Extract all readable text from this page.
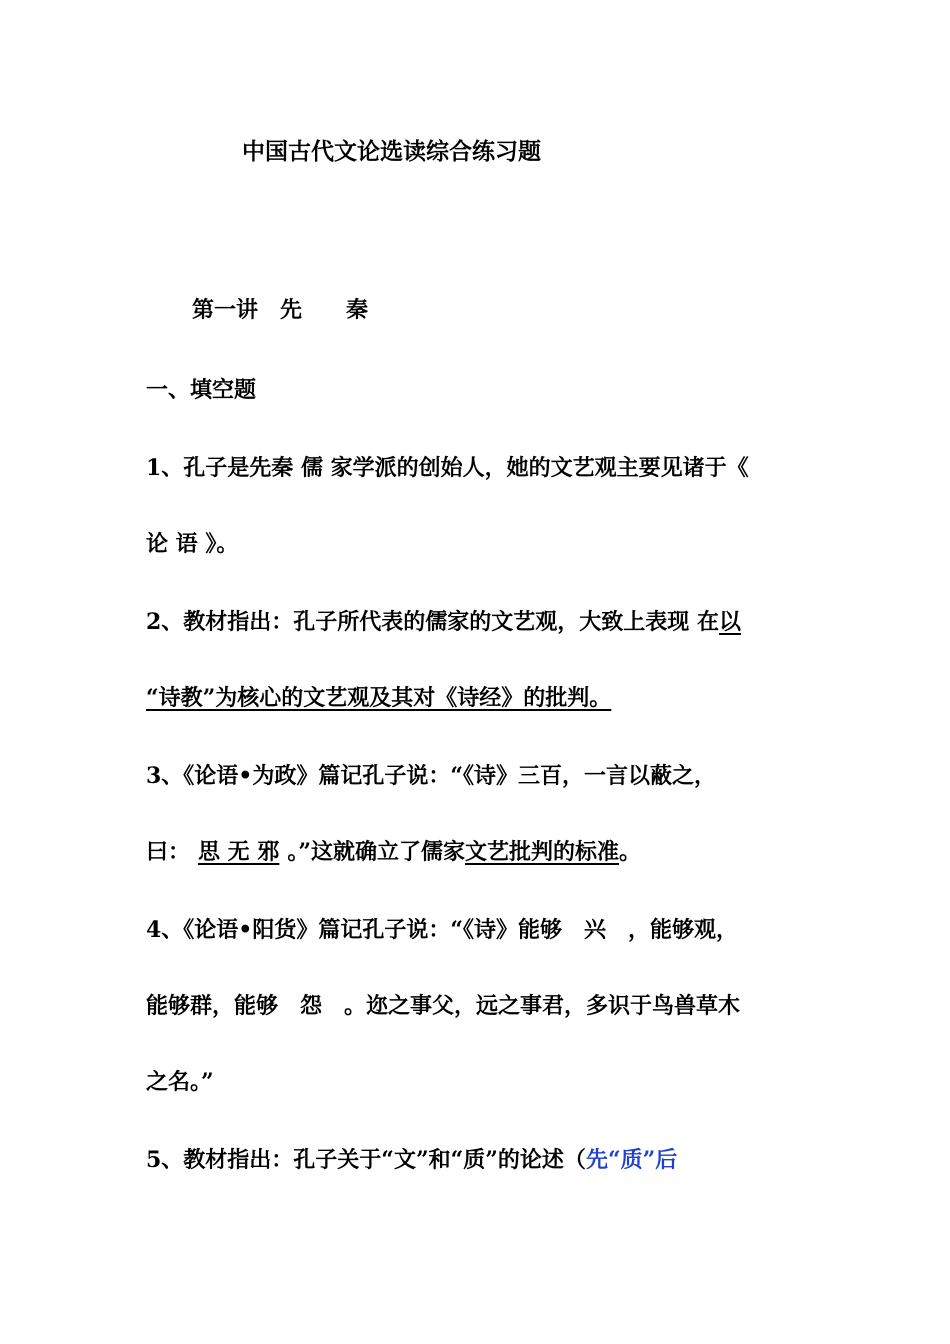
中国古代文论选读综合练习题
第一讲　先　　秦
一、填空题
1、孔子是先秦 儒 家学派的创始人，她的文艺观主要见诸于《
论 语 》。
2、教材指出：孔子所代表的儒家的文艺观，大致上表现 在以
“诗教”为核心的文艺观及其对《诗经》的批判。
3、《论语•为政》篇记孔子说：“《诗》三百，一言以蔽之，
曰： 思 无 邪 。”这就确立了儒家文艺批判的标准。
4、《论语•阳货》篇记孔子说：“《诗》能够　兴　，能够观，
能够群，能够　怨　。迩之事父，远之事君，多识于鸟兽草木
之名。”
5、教材指出：孔子关于“文”和“质”的论述（先“质”后
